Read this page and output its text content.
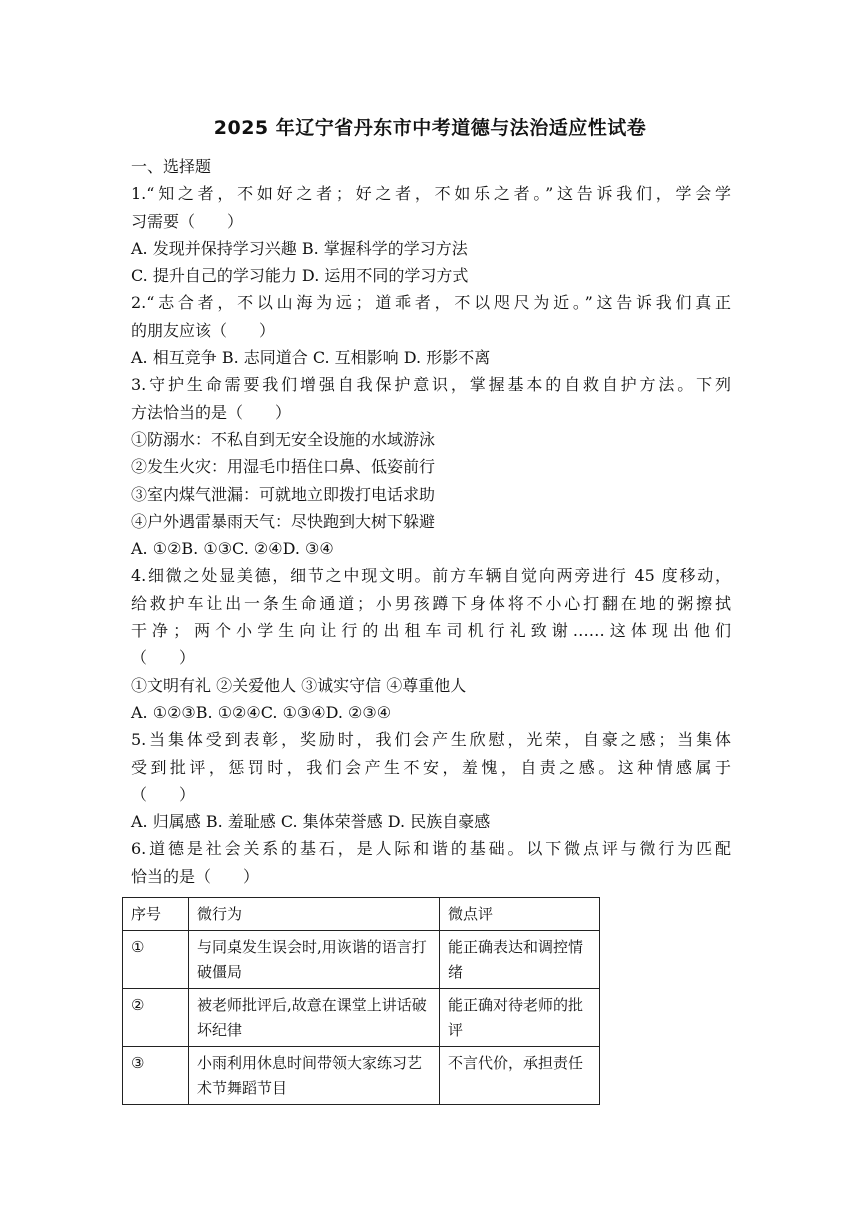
2025 年辽宁省丹东市中考道德与法治适应性试卷
一、选择题
1.“知之者，不如好之者；好之者，不如乐之者。”这告诉我们，学会学
习需要（　　）
A. 发现并保持学习兴趣 B. 掌握科学的学习方法
C. 提升自己的学习能力 D. 运用不同的学习方式
2.“志合者，不以山海为远；道乖者，不以咫尺为近。”这告诉我们真正
的朋友应该（　　）
A. 相互竞争 B. 志同道合 C. 互相影响 D. 形影不离
3.守护生命需要我们增强自我保护意识，掌握基本的自救自护方法。下列
方法恰当的是（　　）
①防溺水：不私自到无安全设施的水域游泳
②发生火灾：用湿毛巾捂住口鼻、低姿前行
③室内煤气泄漏：可就地立即拨打电话求助
④户外遇雷暴雨天气：尽快跑到大树下躲避
A. ①②B. ①③C. ②④D. ③④
4.细微之处显美德，细节之中现文明。前方车辆自觉向两旁进行 45 度移动，
给救护车让出一条生命通道；小男孩蹲下身体将不小心打翻在地的粥擦拭
干净；两个小学生向让行的出租车司机行礼致谢……这体现出他们
（　　）
①文明有礼 ②关爱他人 ③诚实守信 ④尊重他人
A. ①②③B. ①②④C. ①③④D. ②③④
5.当集体受到表彰，奖励时，我们会产生欣慰，光荣，自豪之感；当集体
受到批评，惩罚时，我们会产生不安，羞愧，自责之感。这种情感属于
（　　）
A. 归属感 B. 羞耻感 C. 集体荣誉感 D. 民族自豪感
6.道德是社会关系的基石，是人际和谐的基础。以下微点评与微行为匹配
恰当的是（　　）
序号	微行为	微点评
①	与同桌发生误会时,用诙谐的语言打破僵局	能正确表达和调控情绪
②	被老师批评后,故意在课堂上讲话破坏纪律	能正确对待老师的批评
③	小雨利用休息时间带领大家练习艺术节舞蹈节目	不言代价，承担责任
